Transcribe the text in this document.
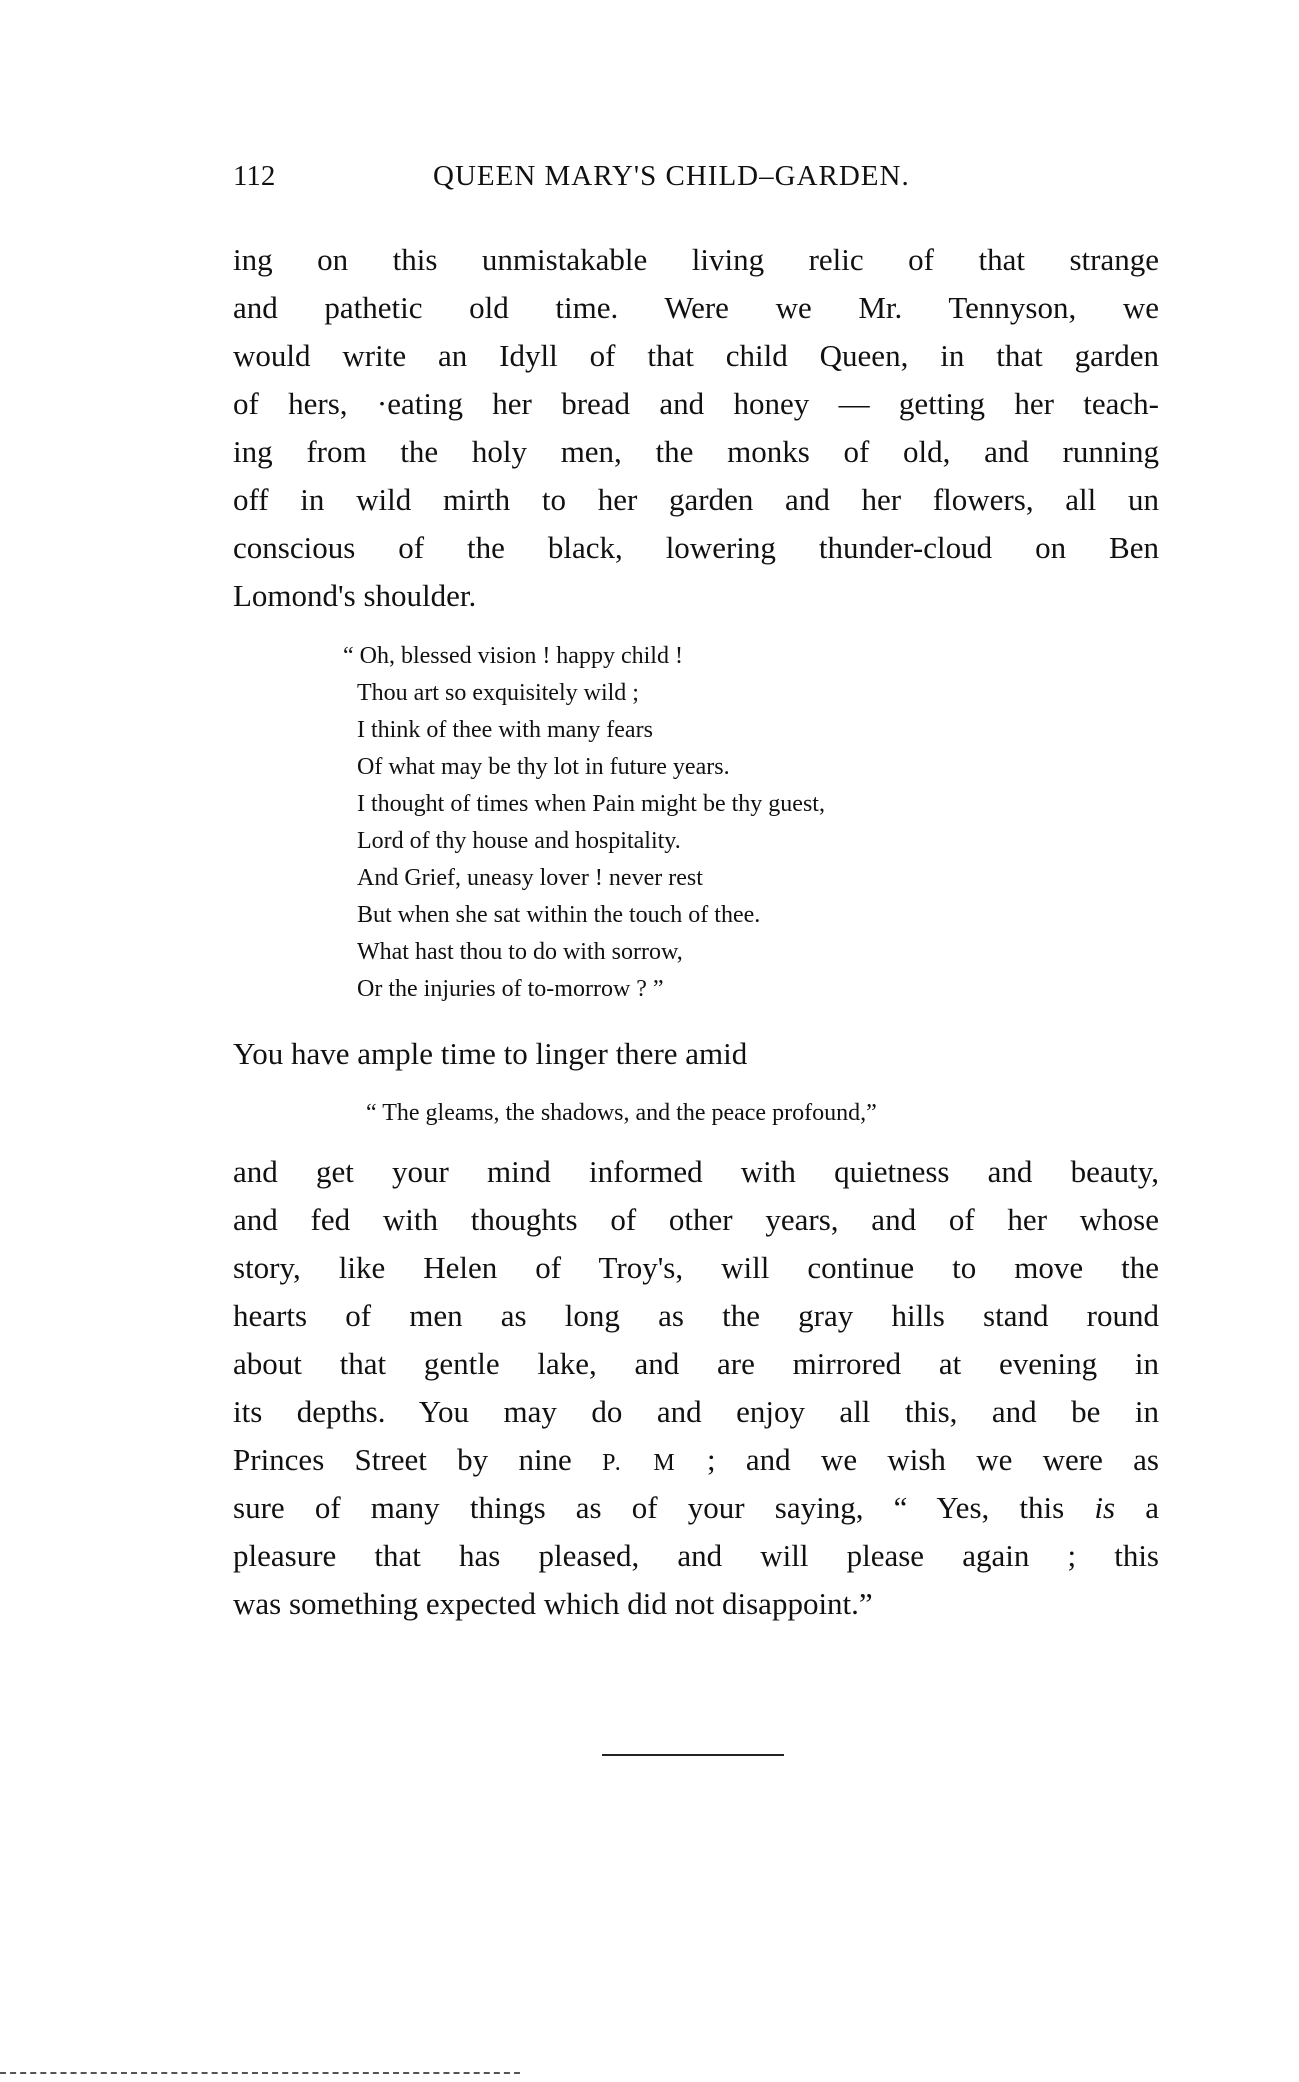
112	QUEEN MARY'S CHILD–GARDEN.
ing on this unmistakable living relic of that strange
and pathetic old time. Were we Mr. Tennyson, we
would write an Idyll of that child Queen, in that garden
of hers, ·eating her bread and honey — getting her teach-
ing from the holy men, the monks of old, and running
off in wild mirth to her garden and her flowers, all un
conscious of the black, lowering thunder-cloud on Ben
Lomond's shoulder.
“ Oh, blessed vision ! happy child !
Thou art so exquisitely wild ;
I think of thee with many fears
Of what may be thy lot in future years.
I thought of times when Pain might be thy guest,
Lord of thy house and hospitality.
And Grief, uneasy lover ! never rest
But when she sat within the touch of thee.
What hast thou to do with sorrow,
Or the injuries of to-morrow ? ”
You have ample time to linger there amid
“ The gleams, the shadows, and the peace profound,”
and get your mind informed with quietness and beauty,
and fed with thoughts of other years, and of her whose
story, like Helen of Troy's, will continue to move the
hearts of men as long as the gray hills stand round
about that gentle lake, and are mirrored at evening in
its depths. You may do and enjoy all this, and be in
Princes Street by nine P. M ; and we wish we were as
sure of many things as of your saying, “ Yes, this is a
pleasure that has pleased, and will please again ; this
was something expected which did not disappoint.”
